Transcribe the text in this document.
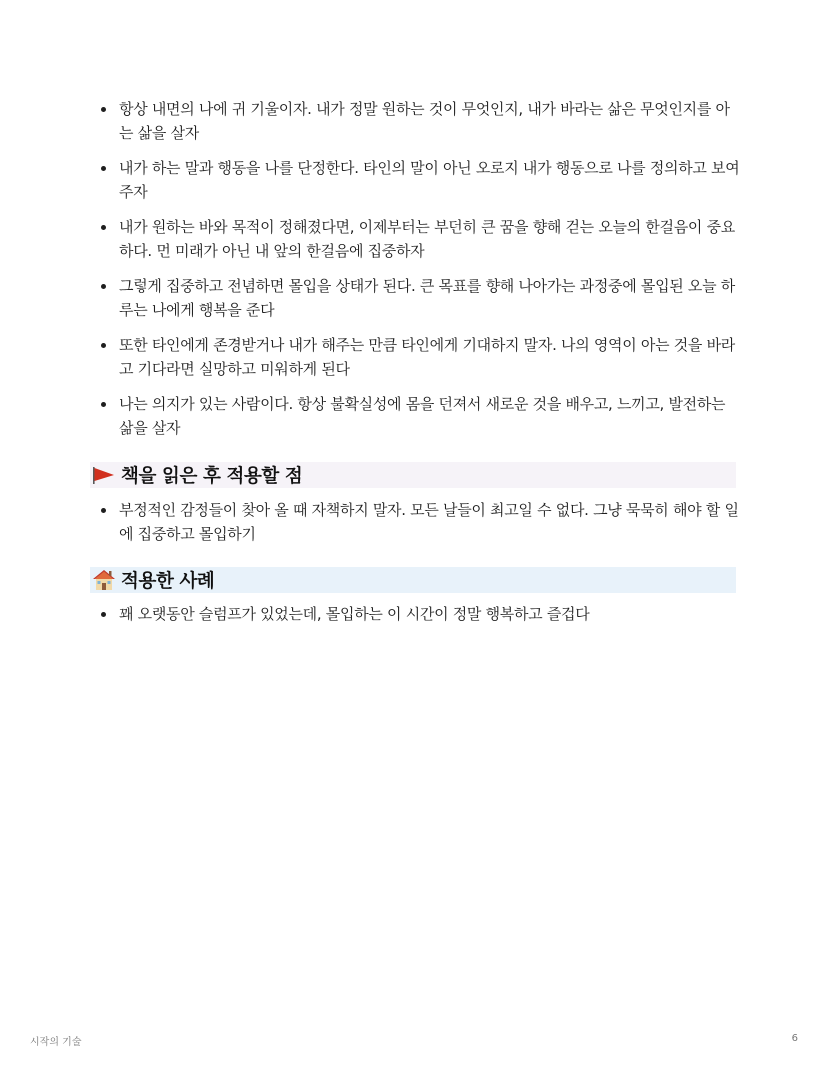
항상 내면의 나에 귀 기울이자. 내가 정말 원하는 것이 무엇인지, 내가 바라는 삶은 무엇인지를 아는 삶을 살자
내가 하는 말과 행동을 나를 단정한다. 타인의 말이 아닌 오로지 내가 행동으로 나를 정의하고 보여주자
내가 원하는 바와 목적이 정해졌다면, 이제부터는 부던히 큰 꿈을 향해 걷는 오늘의 한걸음이 중요하다. 먼 미래가 아닌 내 앞의 한걸음에 집중하자
그렇게 집중하고 전념하면 몰입을 상태가 된다. 큰 목표를 향해 나아가는 과정중에 몰입된 오늘 하루는 나에게 행복을 준다
또한 타인에게 존경받거나 내가 해주는 만큼 타인에게 기대하지 말자. 나의 영역이 아는 것을 바라고 기다라면 실망하고 미워하게 된다
나는 의지가 있는 사람이다. 항상 불확실성에 몸을 던져서 새로운 것을 배우고, 느끼고, 발전하는 삶을 살자
책을 읽은 후 적용할 점
부정적인 감정들이 찾아 올 때 자책하지 말자. 모든 날들이 최고일 수 없다. 그냥 묵묵히 해야 할 일에 집중하고 몰입하기
적용한 사례
꽤 오랫동안 슬럼프가 있었는데, 몰입하는 이 시간이 정말 행복하고 즐겁다
시작의 기술	6
